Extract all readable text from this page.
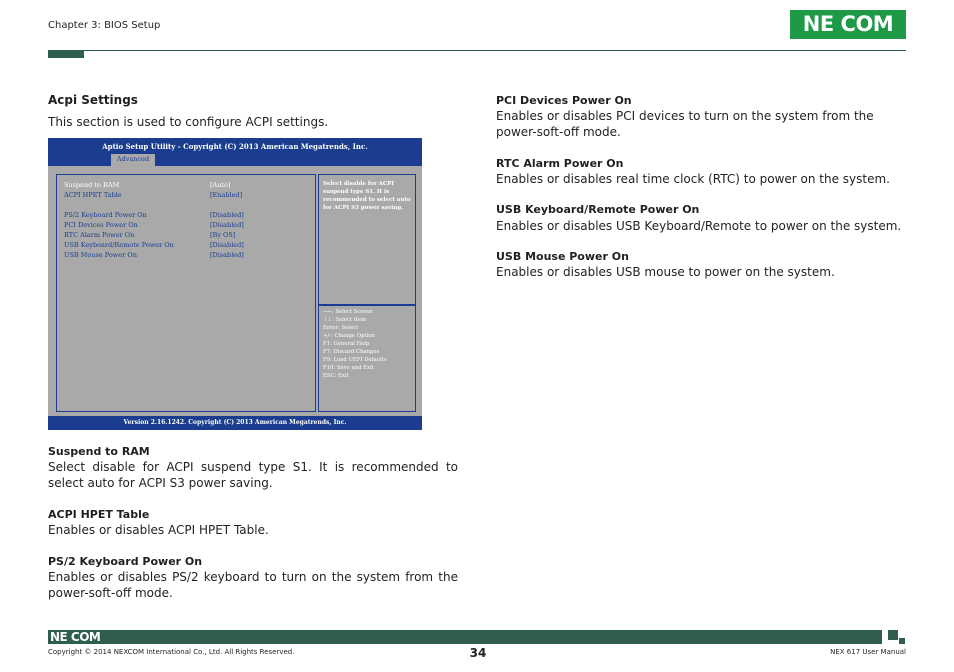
Chapter 3: BIOS Setup	NE COM
Acpi Settings
This section is used to configure ACPI settings.
Aptio Setup Utility - Copyright (C) 2013 American Megatrends, Inc.
Advanced
Suspend to RAM	[Auto]
ACPI HPET Table	[Enabled]
PS/2 Keyboard Power On	[Disabled]
PCI Devices Power On	[Disabled]
RTC Alarm Power On	[By OS]
USB Keyboard/Remote Power On	[Disabled]
USB Mouse Power On	[Disabled]
Select disable for ACPI suspend type S1. It is recommended to select auto for ACPI S3 power saving.
→←: Select Screen
↑↓: Select Item
Enter: Select
+/-: Change Option
F1: General Help
F7: Discard Changes
F9: Load UEFI Defaults
F10: Save and Exit
ESC: Exit
Version 2.16.1242. Copyright (C) 2013 American Megatrends, Inc.
Suspend to RAM
Select disable for ACPI suspend type S1. It is recommended to select auto for ACPI S3 power saving.
ACPI HPET Table
Enables or disables ACPI HPET Table.
PS/2 Keyboard Power On
Enables or disables PS/2 keyboard to turn on the system from the power-soft-off mode.
PCI Devices Power On
Enables or disables PCI devices to turn on the system from the power-soft-off mode.
RTC Alarm Power On
Enables or disables real time clock (RTC) to power on the system.
USB Keyboard/Remote Power On
Enables or disables USB Keyboard/Remote to power on the system.
USB Mouse Power On
Enables or disables USB mouse to power on the system.
NE COM
Copyright © 2014 NEXCOM International Co., Ltd. All Rights Reserved.	34	NEX 617 User Manual
